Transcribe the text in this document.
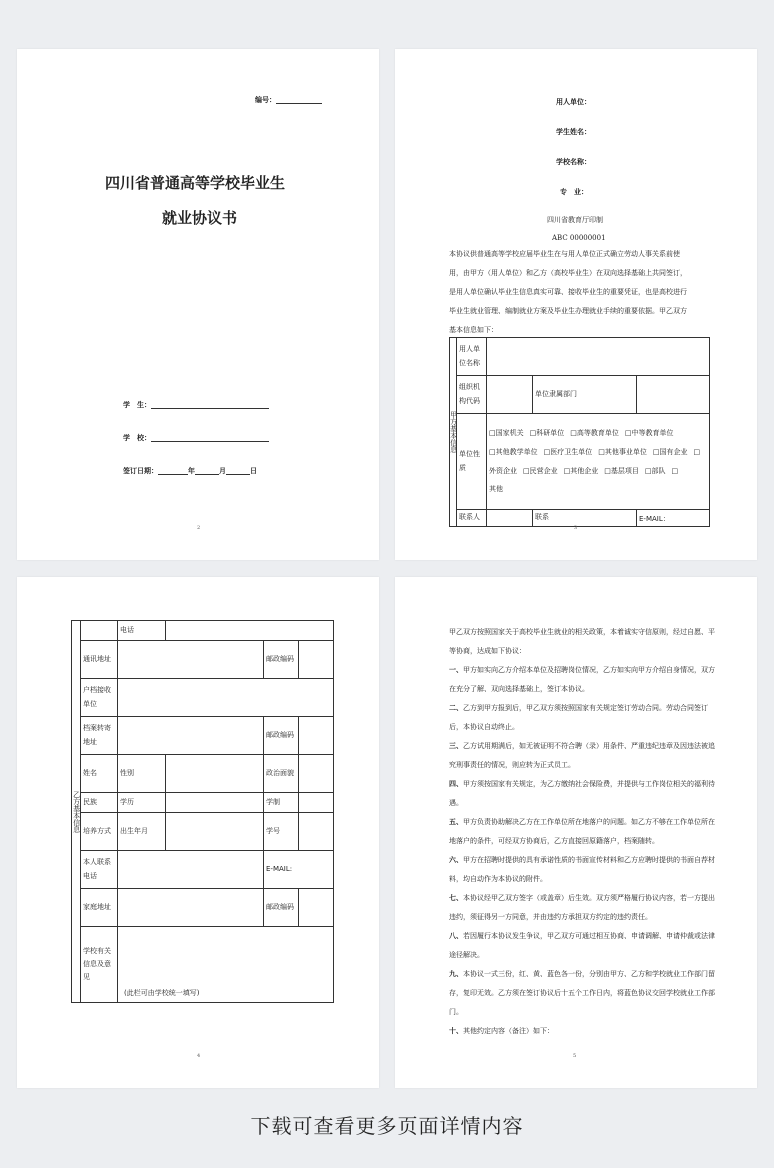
编号：
四川省普通高等学校毕业生
就业协议书
学　生：
学　校：
签订日期：	年	月	日
2
用人单位：
学生姓名：
学校名称：
专　业：
四川省教育厅印制
ABC 00000001
本协议供普通高等学校应届毕业生在与用人单位正式确立劳动人事关系前使
用，由甲方（用人单位）和乙方（高校毕业生）在双向选择基础上共同签订，
是用人单位确认毕业生信息真实可靠、接收毕业生的重要凭证，也是高校进行
毕业生就业管理、编制就业方案及毕业生办理就业手续的重要依据。甲乙双方
基本信息如下：
甲方基本信息	用人单位名称			
	组织机构代码		单位隶属部门	
	单位性质	□国家机关 □科研单位 □高等教育单位 □中等教育单位
□其他教学单位 □医疗卫生单位 □其他事业单位 □国有企业 □
外资企业 □民营企业 □其他企业 □基层项目 □部队 □
其他		

	联系人		联系	E-MAIL：
3
乙方基本信息		电话			
	通讯地址			邮政编码	
	户档接收单位				
	档案转寄地址			邮政编码	
	姓名	性别		政治面貌	
	民族	学历		学制	
	培养方式	出生年月		学号	
	本人联系电话			E-MAIL:	
	家庭地址			邮政编码	
	学校有关信息及意见	(此栏可由学校统一填写)			
4

甲乙双方按照国家关于高校毕业生就业的相关政策，本着诚实守信原则，经过自愿、平等协商，达成如下协议：

一、甲方如实向乙方介绍本单位及招聘岗位情况，乙方如实向甲方介绍自身情况，双方在充分了解、双向选择基础上，签订本协议。

二、乙方到甲方报到后，甲乙双方须按照国家有关规定签订劳动合同。劳动合同签订后，本协议自动终止。

三、乙方试用期满后，如无被证明不符合聘（录）用条件、严重违纪违章及因违法被追究刑事责任的情况，则应转为正式员工。

四、甲方须按国家有关规定，为乙方缴纳社会保险费，并提供与工作岗位相关的福利待遇。

五、甲方负责协助解决乙方在工作单位所在地落户的问题。如乙方不够在工作单位所在地落户的条件，可经双方协商后，乙方直接回原籍落户，档案随转。

六、甲方在招聘时提供的具有承诺性质的书面宣传材料和乙方应聘时提供的书面自荐材料，均自动作为本协议的附件。

七、本协议经甲乙双方签字（或盖章）后生效。双方须严格履行协议内容，若一方提出违约，须征得另一方同意，并由违约方承担双方约定的违约责任。

八、若因履行本协议发生争议，甲乙双方可通过相互协商、申请调解、申请仲裁或法律途径解决。

九、本协议一式三份，红、黄、蓝色各一份，分别由甲方、乙方和学校就业工作部门留存，复印无效。乙方须在签订协议后十五个工作日内，将蓝色协议交回学校就业工作部门。

十、其他约定内容（备注）如下：

5
下载可查看更多页面详情内容
